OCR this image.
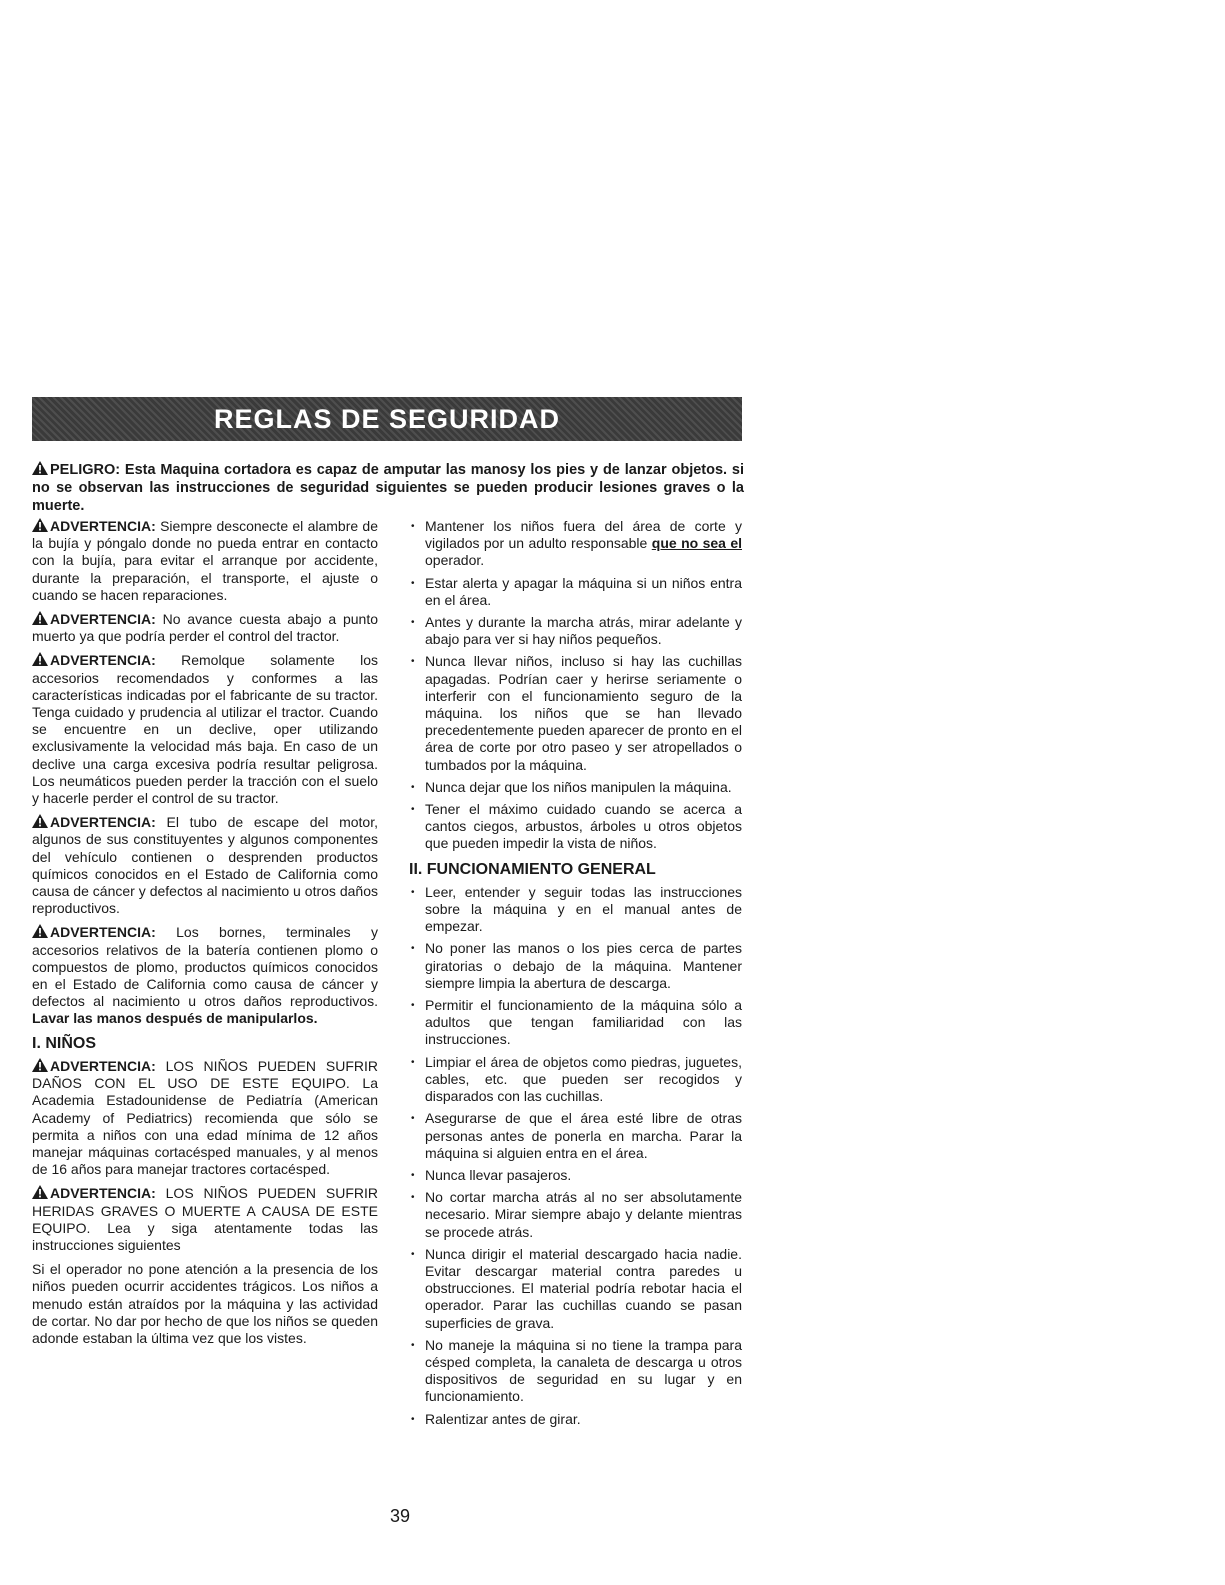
REGLAS DE SEGURIDAD
PELIGRO: Esta Maquina cortadora es capaz de amputar las manosy los pies y de lanzar objetos. si no se observan las instrucciones de seguridad siguientes se pueden producir lesiones graves o la muerte.

ADVERTENCIA: Siempre desconecte el alambre de la bujía y póngalo donde no pueda entrar en contacto con la bujía, para evitar el arranque por accidente, durante la preparación, el transporte, el ajuste o cuando se hacen reparaciones.

ADVERTENCIA: No avance cuesta abajo a punto muerto ya que podría perder el control del tractor.

ADVERTENCIA: Remolque solamente los accesorios recomendados y conformes a las características indicadas por el fabricante de su tractor. Tenga cuidado y prudencia al utilizar el tractor. Cuando se encuentre en un declive, oper utilizando exclusivamente la velocidad más baja. En caso de un declive una carga excesiva podría resultar peligrosa. Los neumáticos pueden perder la tracción con el suelo y hacerle perder el control de su tractor.

ADVERTENCIA: El tubo de escape del motor, algunos de sus constituyentes y algunos componentes del vehículo contienen o desprenden productos químicos conocidos en el Estado de California como causa de cáncer y defectos al nacimiento u otros daños reproductivos.

ADVERTENCIA: Los bornes, terminales y accesorios relativos de la batería contienen plomo o compuestos de plomo, productos químicos conocidos en el Estado de California como causa de cáncer y defectos al nacimiento u otros daños reproductivos. Lavar las manos después de manipularlos.

I. NIÑOS

ADVERTENCIA: LOS NIÑOS PUEDEN SUFRIR DAÑOS CON EL USO DE ESTE EQUIPO. La Academia Estadounidense de Pediatría (American Academy of Pediatrics) recomienda que sólo se permita a niños con una edad mínima de 12 años manejar máquinas cortacésped manuales, y al menos de 16 años para manejar tractores cortacésped.

ADVERTENCIA: LOS NIÑOS PUEDEN SUFRIR HERIDAS GRAVES O MUERTE A CAUSA DE ESTE EQUIPO. Lea y siga atentamente todas las instrucciones siguientes

Si el operador no pone atención a la presencia de los niños pueden ocurrir accidentes trágicos. Los niños a menudo están atraídos por la máquina y las actividad de cortar. No dar por hecho de que los niños se queden adonde estaban la última vez que los vistes.

• Mantener los niños fuera del área de corte y vigilados por un adulto responsable que no sea el operador.
• Estar alerta y apagar la máquina si un niños entra en el área.
• Antes y durante la marcha atrás, mirar adelante y abajo para ver si hay niños pequeños.
• Nunca llevar niños, incluso si hay las cuchillas apagadas. Podrían caer y herirse seriamente o interferir con el funcionamiento seguro de la máquina. los niños que se han llevado precedentemente pueden aparecer de pronto en el área de corte por otro paseo y ser atropellados o tumbados por la máquina.
• Nunca dejar que los niños manipulen la máquina.
• Tener el máximo cuidado cuando se acerca a cantos ciegos, arbustos, árboles u otros objetos que pueden impedir la vista de niños.
II. FUNCIONAMIENTO GENERAL
• Leer, entender y seguir todas las instrucciones sobre la máquina y en el manual antes de empezar.
• No poner las manos o los pies cerca de partes giratorias o debajo de la máquina. Mantener siempre limpia la abertura de descarga.
• Permitir el funcionamiento de la máquina sólo a adultos que tengan familiaridad con las instrucciones.
• Limpiar el área de objetos como piedras, juguetes, cables, etc. que pueden ser recogidos y disparados con las cuchillas.
• Asegurarse de que el área esté libre de otras personas antes de ponerla en marcha. Parar la máquina si alguien entra en el área.
• Nunca llevar pasajeros.
• No cortar marcha atrás al no ser absolutamente necesario. Mirar siempre abajo y delante mientras se procede atrás.
• Nunca dirigir el material descargado hacia nadie. Evitar descargar material contra paredes u obstrucciones. El material podría rebotar hacia el operador. Parar las cuchillas cuando se pasan superficies de grava.
• No maneje la máquina si no tiene la trampa para césped completa, la canaleta de descarga u otros dispositivos de seguridad en su lugar y en funcionamiento.
• Ralentizar antes de girar.
39
